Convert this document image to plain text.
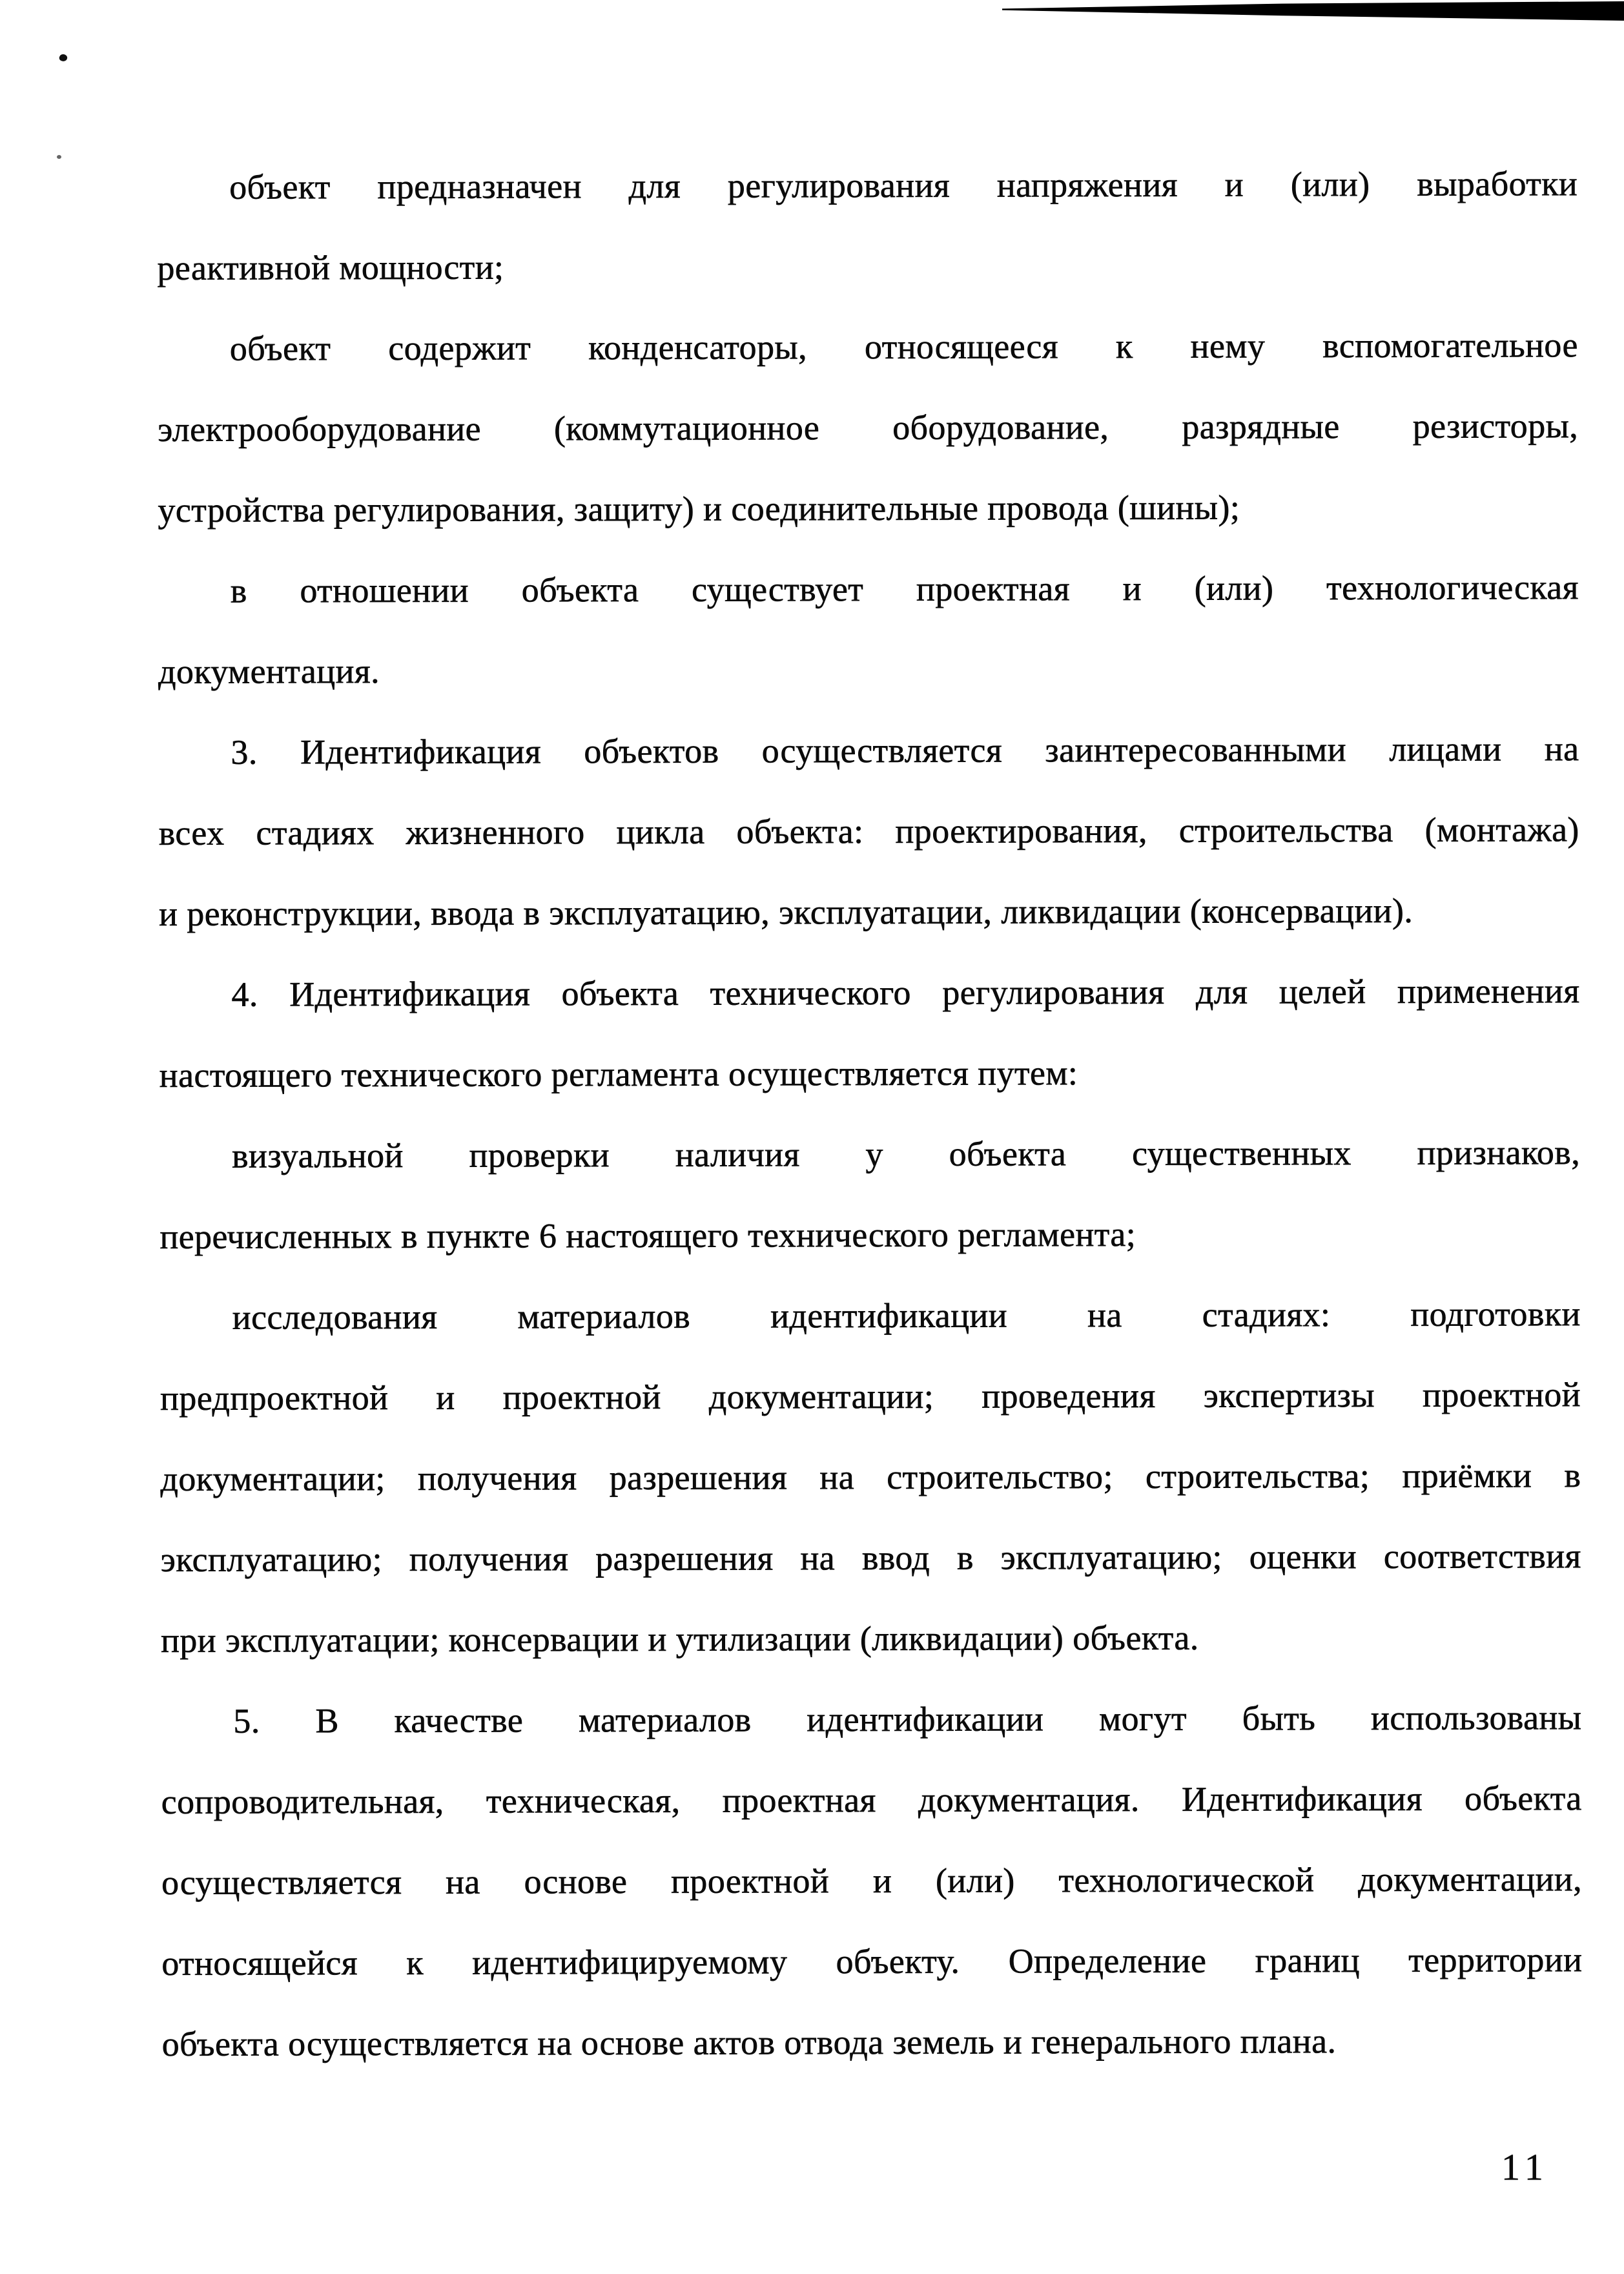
объект предназначен для регулирования напряжения и (или) выработки

реактивной мощности;

объект содержит конденсаторы, относящееся к нему вспомогательное

электрооборудование (коммутационное оборудование, разрядные резисторы,

устройства регулирования, защиту) и соединительные провода (шины);

в отношении объекта существует проектная и (или) технологическая

документация.

3. Идентификация объектов осуществляется заинтересованными лицами на

всех стадиях жизненного цикла объекта: проектирования, строительства (монтажа)

и реконструкции, ввода в эксплуатацию, эксплуатации, ликвидации (консервации).

4. Идентификация объекта технического регулирования для целей применения

настоящего технического регламента осуществляется путем:

визуальной проверки наличия у объекта существенных признаков,

перечисленных в пункте 6 настоящего технического регламента;

исследования материалов идентификации на стадиях: подготовки

предпроектной и проектной документации; проведения экспертизы проектной

документации; получения разрешения на строительство; строительства; приёмки в

эксплуатацию; получения разрешения на ввод в эксплуатацию; оценки соответствия

при эксплуатации; консервации и утилизации (ликвидации) объекта.

5. В качестве материалов идентификации могут быть использованы

сопроводительная, техническая, проектная документация. Идентификация объекта

осуществляется на основе проектной и (или) технологической документации,

относящейся к идентифицируемому объекту. Определение границ территории

объекта осуществляется на основе актов отвода земель и генерального плана.

11
